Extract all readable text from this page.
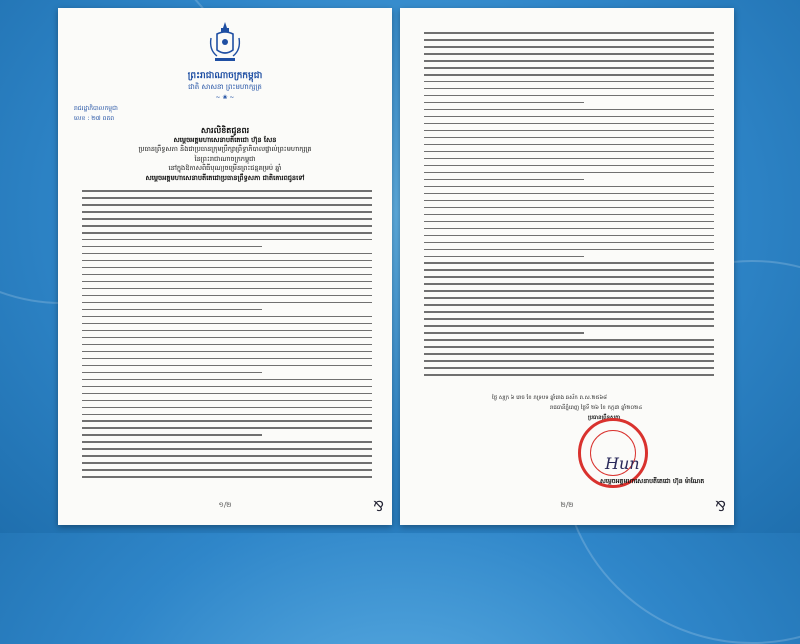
ព្រះរាជាណាចក្រកម្ពុជា
ជាតិ សាសនា ព្រះមហាក្សត្រ
~ ❀ ~
រាជរដ្ឋាភិបាលកម្ពុជា
លេខ : ២៧ ពតព
សារលិខិតជូនពរ
សម្តេចអគ្គមហាសេនាបតីតេជោ ហ៊ុន សែន
ប្រធានព្រឹទ្ធសភា និងជាប្រធានក្រុមប្រឹក្សាព្រឹទ្ធាភិបាលផ្ទាល់ព្រះមហាក្សត្រ
នៃព្រះរាជាណាចក្រកម្ពុជា
នៅក្នុងឱកាសពិធីបុណ្យចម្រើនព្រះជន្មគម្រប់ ឆ្នាំ
សម្តេចអគ្គមហាសេនាបតីតេជោប្រធានព្រឹទ្ធសភា ជាតិគោរពជូនទៅ
១/២	⅋
ថ្ងៃ សុក្រ ៦ រោច ខែ ភទ្របទ ឆ្នាំរោង ឆស័ក ព.ស.២៥៦៨
រាជធានីភ្នំពេញ ថ្ងៃទី ២៦ ខែ កក្កដា ឆ្នាំ២០២៤
ប្រធានព្រឹទ្ធសភា
Hun
សម្តេចអគ្គមហាសេនាបតីតេជោ ហ៊ុន ម៉ាណែត
២/២	⅋
